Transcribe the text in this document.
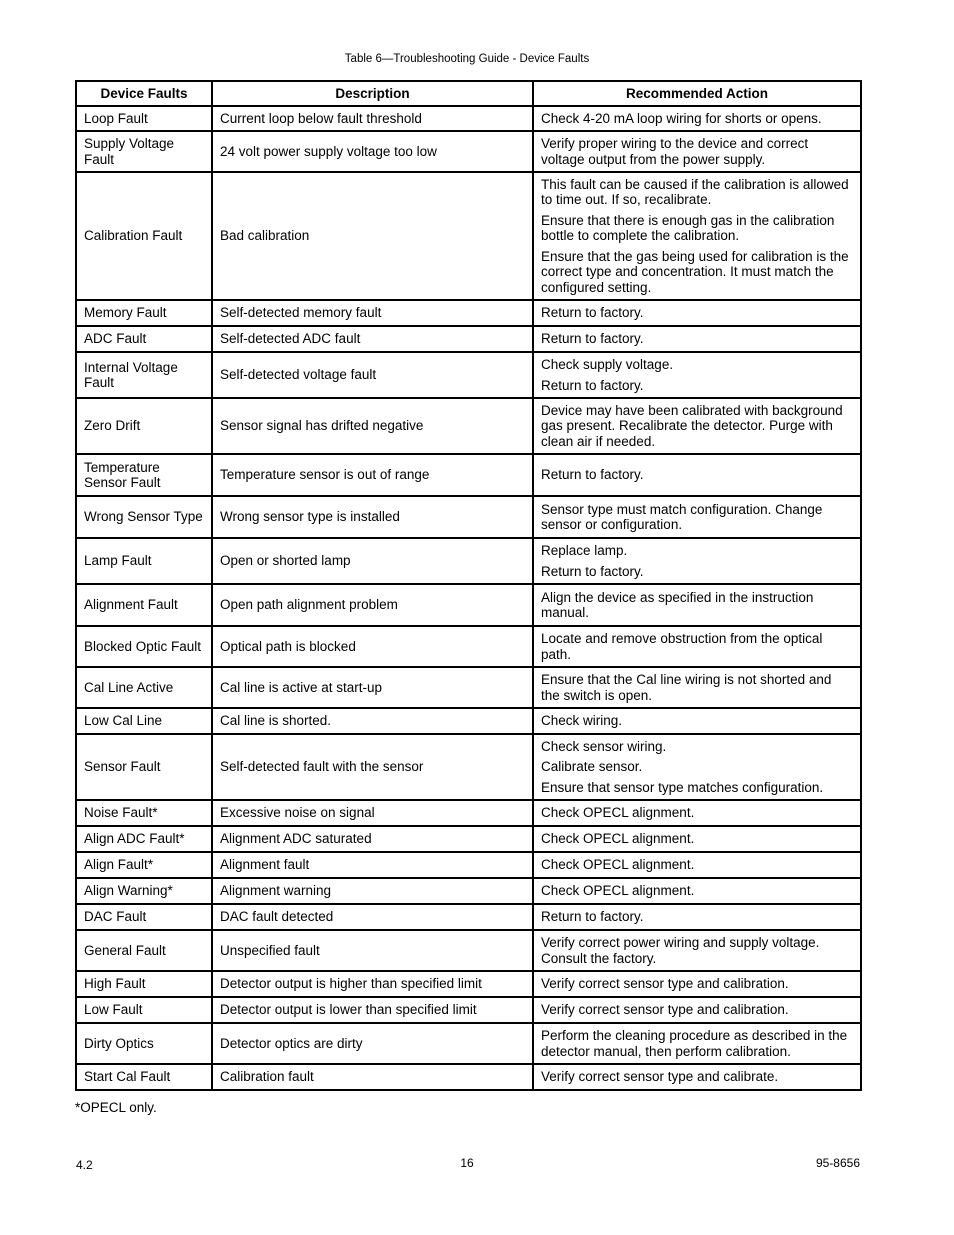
Table 6—Troubleshooting Guide - Device Faults
Device Faults	Description	Recommended Action
Loop Fault	Current loop below fault threshold	Check 4-20 mA loop wiring for shorts or opens.

Supply Voltage Fault	24 volt power supply voltage too low	Verify proper wiring to the device and correct voltage output from the power supply.

Calibration Fault	Bad calibration	This fault can be caused if the calibration is allowed to time out. If so, recalibrate.
Ensure that there is enough gas in the calibration bottle to complete the calibration.
Ensure that the gas being used for calibration is the correct type and concentration. It must match the configured setting.

Memory Fault	Self-detected memory fault	Return to factory.

ADC Fault	Self-detected ADC fault	Return to factory.

Internal Voltage Fault	Self-detected voltage fault	Check supply voltage.
Return to factory.

Zero Drift	Sensor signal has drifted negative	Device may have been calibrated with background gas present. Recalibrate the detector. Purge with clean air if needed.

Temperature Sensor Fault	Temperature sensor is out of range	Return to factory.

Wrong Sensor Type	Wrong sensor type is installed	Sensor type must match configuration. Change sensor or configuration.

Lamp Fault	Open or shorted lamp	Replace lamp.
Return to factory.

Alignment Fault	Open path alignment problem	Align the device as specified in the instruction manual.

Blocked Optic Fault	Optical path is blocked	Locate and remove obstruction from the optical path.

Cal Line Active	Cal line is active at start-up	Ensure that the Cal line wiring is not shorted and the switch is open.

Low Cal Line	Cal line is shorted.	Check wiring.

Sensor Fault	Self-detected fault with the sensor	Check sensor wiring.
Calibrate sensor.
Ensure that sensor type matches configuration.

Noise Fault*	Excessive noise on signal	Check OPECL alignment.

Align ADC Fault*	Alignment ADC saturated	Check OPECL alignment.

Align Fault*	Alignment fault	Check OPECL alignment.

Align Warning*	Alignment warning	Check OPECL alignment.

DAC Fault	DAC fault detected	Return to factory.

General Fault	Unspecified fault	Verify correct power wiring and supply voltage. Consult the factory.

High Fault	Detector output is higher than specified limit	Verify correct sensor type and calibration.

Low Fault	Detector output is lower than specified limit	Verify correct sensor type and calibration.

Dirty Optics	Detector optics are dirty	Perform the cleaning procedure as described in the detector manual, then perform calibration.

Start Cal Fault	Calibration fault	Verify correct sensor type and calibrate.
*OPECL only.
4.2	16	95-8656
